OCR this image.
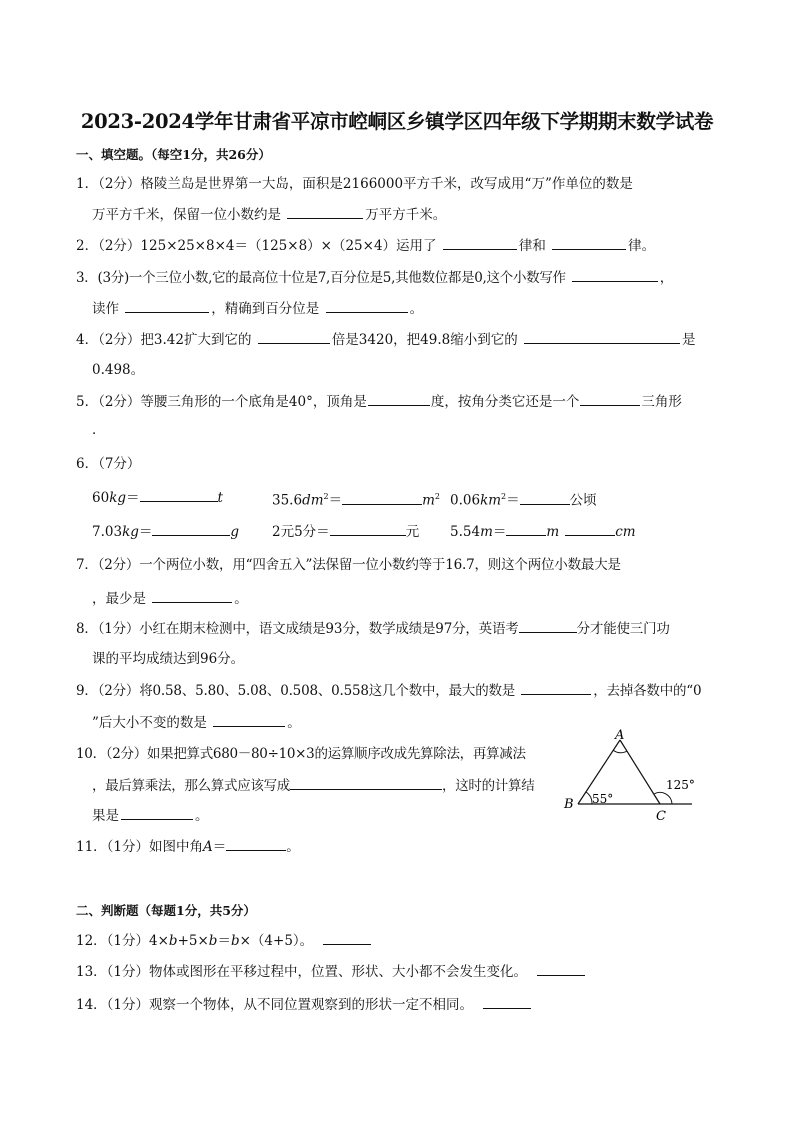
2023-2024学年甘肃省平凉市崆峒区乡镇学区四年级下学期期末数学试卷
一、填空题。（每空1分，共26分）
1．（2分）格陵兰岛是世界第一大岛，面积是2166000平方千米，改写成用“万”作单位的数是
万平方千米，保留一位小数约是	万平方千米。
2．（2分）125×25×8×4＝（125×8）×（25×4）运用了	律和	律。
3．(3分)一个三位小数,它的最高位十位是7,百分位是5,其他数位都是0,这个小数写作	，
读作	，精确到百分位是	。
4．（2分）把3.42扩大到它的	倍是3420，把49.8缩小到它的	是
0.498。
5．（2分）等腰三角形的一个底角是40°，顶角是	度，按角分类它还是一个	三角形
．
6．（7分）
60kg＝	t	$35.6dm^2=$	$m^2$ $0.06km^2=$	公顷
7.03kg＝	g 2元5分＝	元 5.54m＝	m	cm
7．（2分）一个两位小数，用“四舍五入”法保留一位小数约等于16.7，则这个两位小数最大是
，最少是	。
8．（1分）小红在期末检测中，语文成绩是93分，数学成绩是97分，英语考	分才能使三门功
课的平均成绩达到96分。
9．（2分）将0.58、5.80、5.08、0.508、0.558这几个数中，最大的数是	，去掉各数中的“0
”后大小不变的数是	。
10．（2分）如果把算式680－80÷10×3的运算顺序改成先算除法，再算减法
，最后算乘法，那么算式应该写成	，这时的计算结
果是	。
11．（1分）如图中角A＝	。
A
B
C
55°
125°
二、判断题（每题1分，共5分）
12．（1分）4×b+5×b＝b×（4+5）。
13．（1分）物体或图形在平移过程中，位置、形状、大小都不会发生变化。
14．（1分）观察一个物体，从不同位置观察到的形状一定不相同。
